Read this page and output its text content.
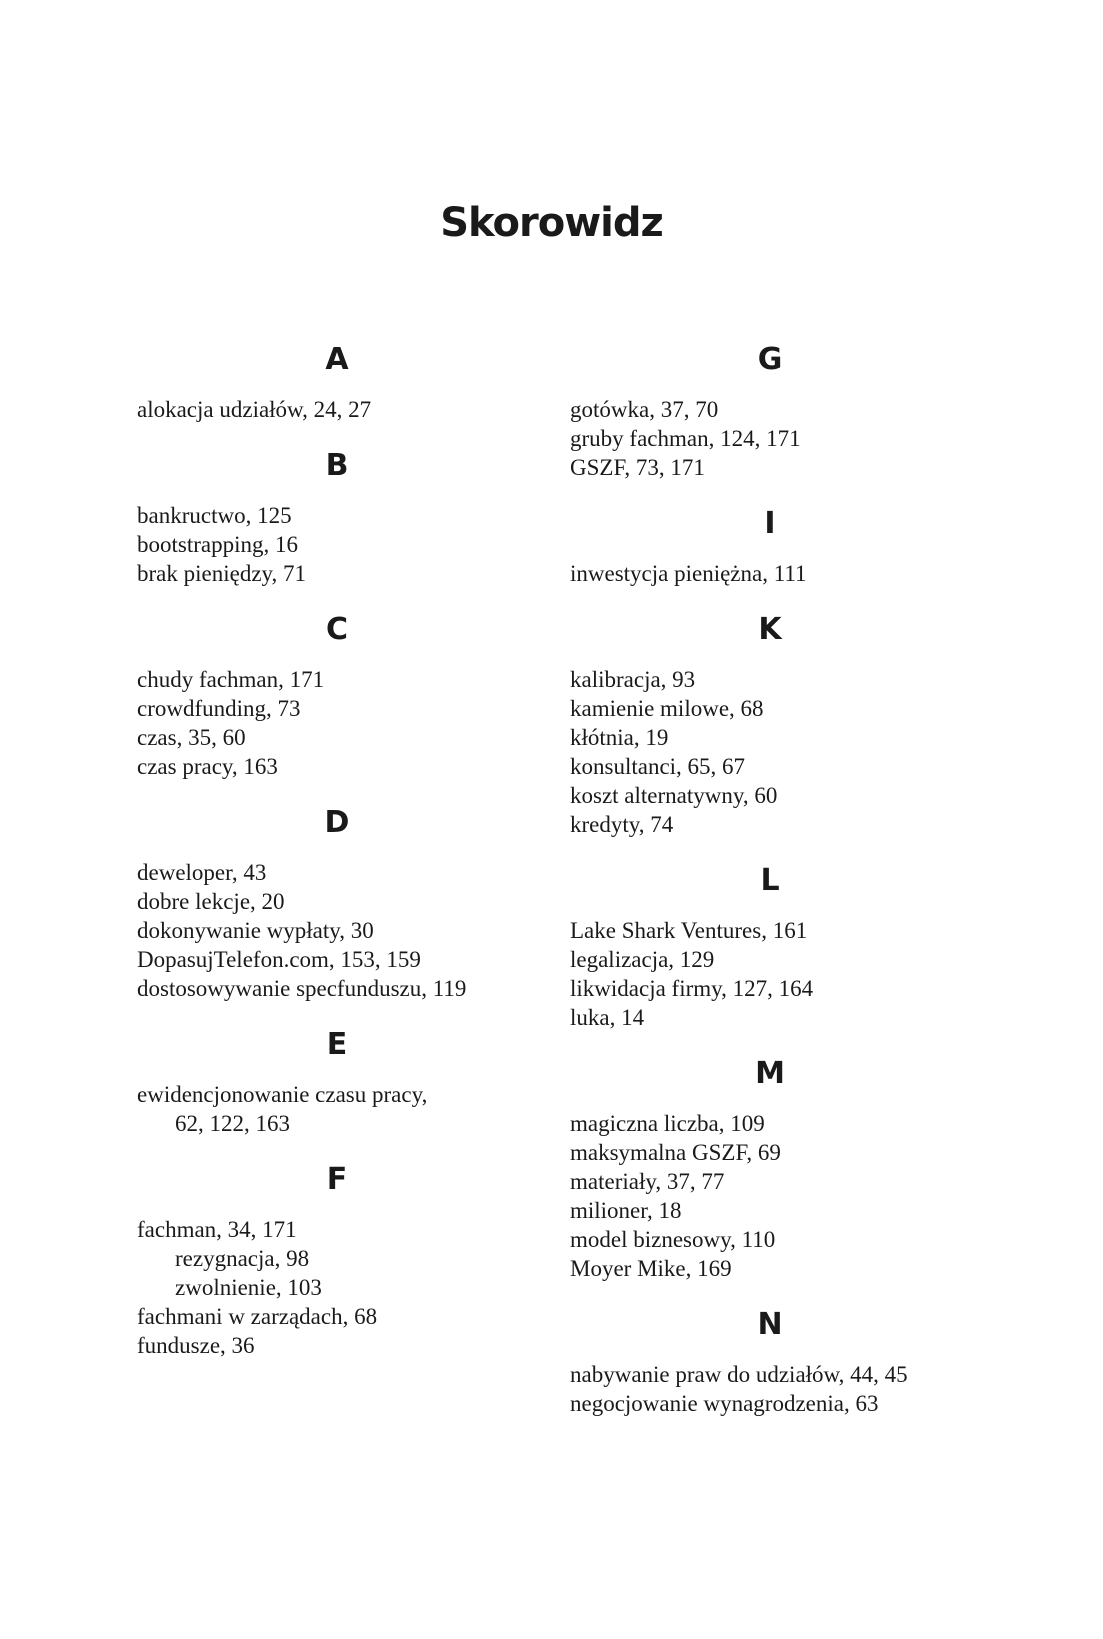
Skorowidz
A
alokacja udziałów, 24, 27
B
bankructwo, 125
bootstrapping, 16
brak pieniędzy, 71
C
chudy fachman, 171
crowdfunding, 73
czas, 35, 60
czas pracy, 163
D
deweloper, 43
dobre lekcje, 20
dokonywanie wypłaty, 30
DopasujTelefon.com, 153, 159
dostosowywanie specfunduszu, 119
E
ewidencjonowanie czasu pracy,
62, 122, 163
F
fachman, 34, 171
rezygnacja, 98
zwolnienie, 103
fachmani w zarządach, 68
fundusze, 36
G
gotówka, 37, 70
gruby fachman, 124, 171
GSZF, 73, 171
I
inwestycja pieniężna, 111
K
kalibracja, 93
kamienie milowe, 68
kłótnia, 19
konsultanci, 65, 67
koszt alternatywny, 60
kredyty, 74
L
Lake Shark Ventures, 161
legalizacja, 129
likwidacja firmy, 127, 164
luka, 14
M
magiczna liczba, 109
maksymalna GSZF, 69
materiały, 37, 77
milioner, 18
model biznesowy, 110
Moyer Mike, 169
N
nabywanie praw do udziałów, 44, 45
negocjowanie wynagrodzenia, 63
